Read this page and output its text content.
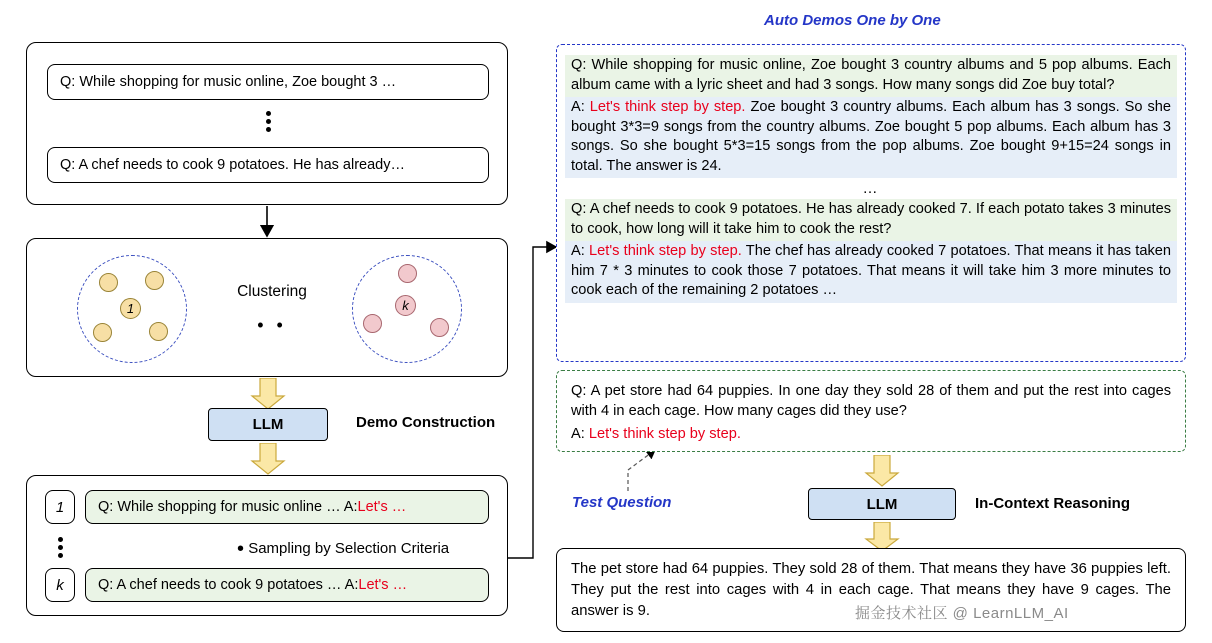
Q: While shopping for music online, Zoe bought 3 …
Q: A chef needs to cook 9 potatoes. He has already…
1
Clustering
• •
k
LLM	Demo Construction
1	Q: While shopping for music online … A: Let's …
• Sampling by Selection Criteria
k	Q: A chef needs to cook 9 potatoes … A: Let's …
Auto Demos One by One
Q: While shopping for music online, Zoe bought 3 country albums and 5 pop albums. Each album came with a lyric sheet and had 3 songs. How many songs did Zoe buy total?
A: Let's think step by step. Zoe bought 3 country albums. Each album has 3 songs. So she bought 3*3=9 songs from the country albums. Zoe bought 5 pop albums. Each album has 3 songs. So she bought 5*3=15 songs from the pop albums. Zoe bought 9+15=24 songs in total. The answer is 24.
…
Q: A chef needs to cook 9 potatoes. He has already cooked 7. If each potato takes 3 minutes to cook, how long will it take him to cook the rest?
A: Let's think step by step. The chef has already cooked 7 potatoes. That means it has taken him 7 * 3 minutes to cook those 7 potatoes. That means it will take him 3 more minutes to cook each of the remaining 2 potatoes …
Q: A pet store had 64 puppies. In one day they sold 28 of them and put the rest into cages with 4 in each cage. How many cages did they use?
A: Let's think step by step.
Test Question	LLM	In-Context Reasoning
The pet store had 64 puppies. They sold 28 of them. That means they have 36 puppies left. They put the rest into cages with 4 in each cage. That means they have 9 cages. The answer is 9.	掘金技术社区 @ LearnLLM_AI
